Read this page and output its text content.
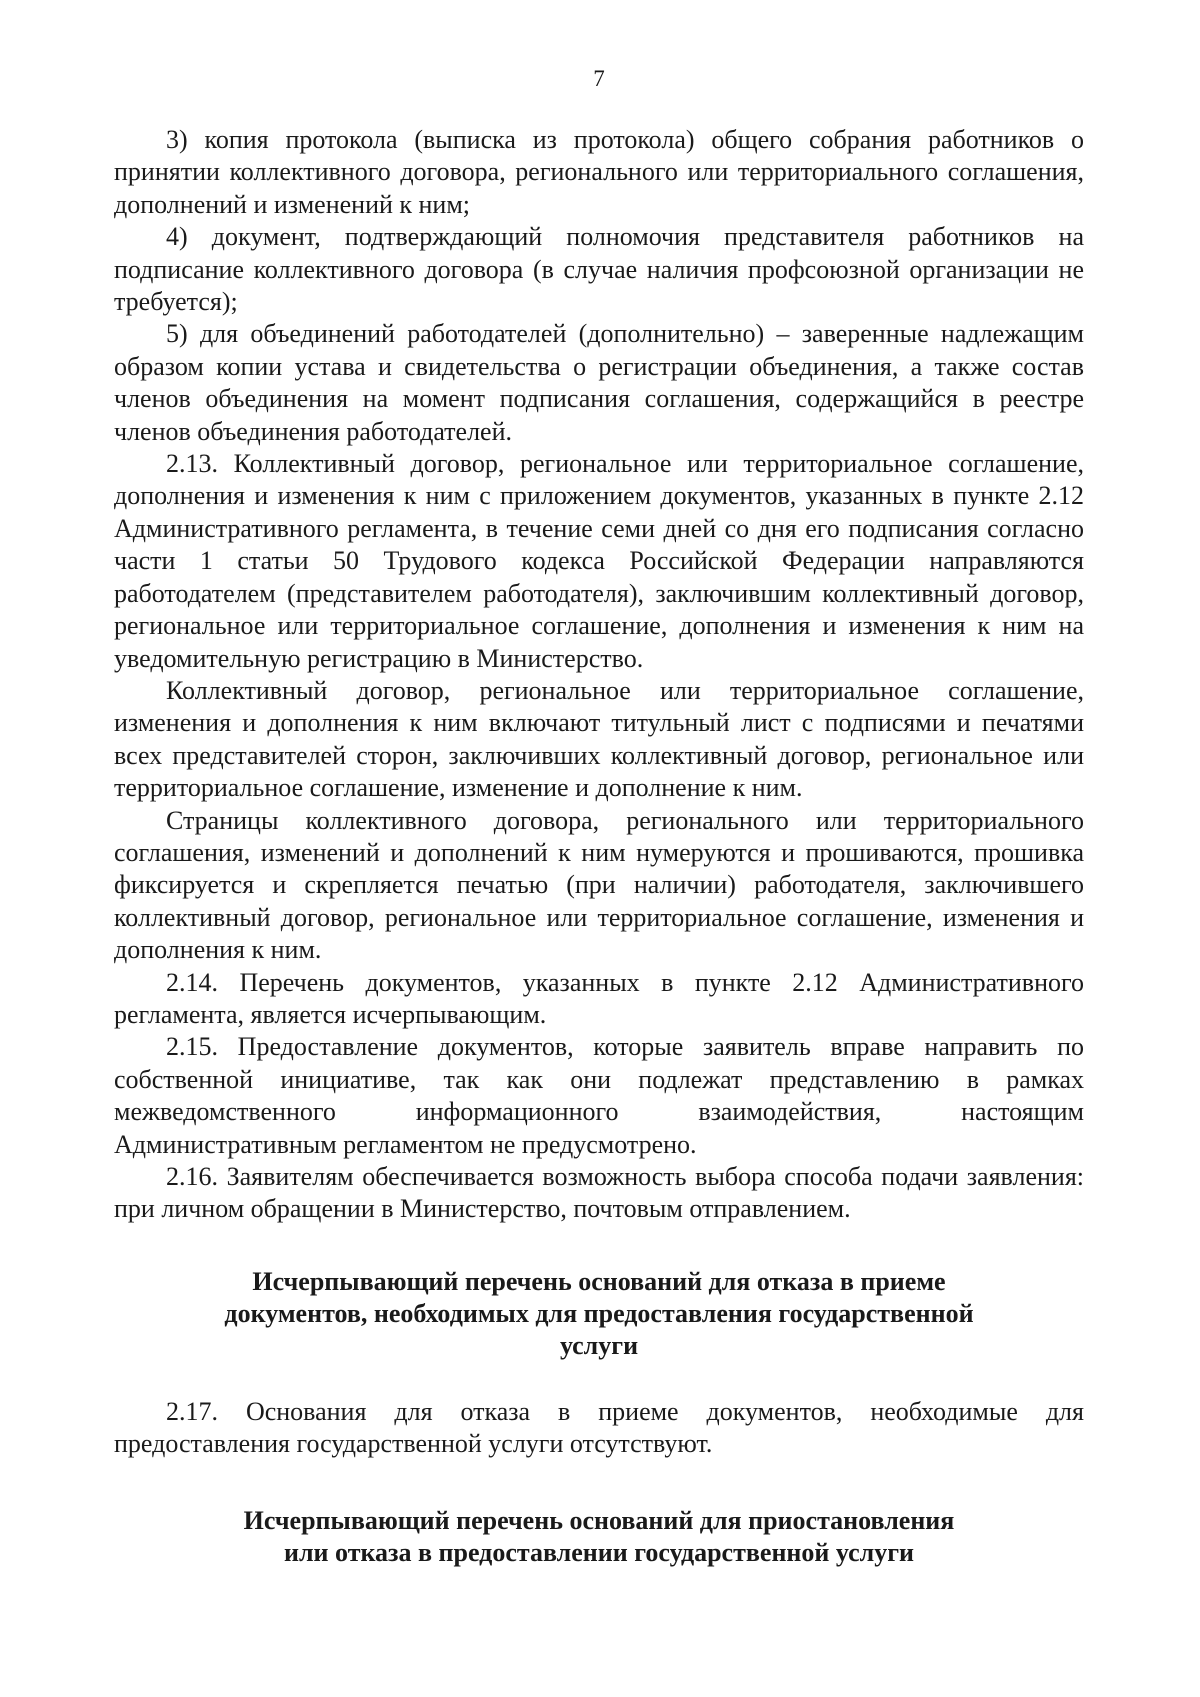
7

3) копия протокола (выписка из протокола) общего собрания работников о принятии коллективного договора, регионального или территориального соглашения, дополнений и изменений к ним;

4) документ, подтверждающий полномочия представителя работников на подписание коллективного договора (в случае наличия профсоюзной организации не требуется);

5) для объединений работодателей (дополнительно) – заверенные надлежащим образом копии устава и свидетельства о регистрации объединения, а также состав членов объединения на момент подписания соглашения, содержащийся в реестре членов объединения работодателей.

2.13. Коллективный договор, региональное или территориальное соглашение, дополнения и изменения к ним с приложением документов, указанных в пункте 2.12 Административного регламента, в течение семи дней со дня его подписания согласно части 1 статьи 50 Трудового кодекса Российской Федерации направляются работодателем (представителем работодателя), заключившим коллективный договор, региональное или территориальное соглашение, дополнения и изменения к ним на уведомительную регистрацию в Министерство.

Коллективный договор, региональное или территориальное соглашение, изменения и дополнения к ним включают титульный лист с подписями и печатями всех представителей сторон, заключивших коллективный договор, региональное или территориальное соглашение, изменение и дополнение к ним.

Страницы коллективного договора, регионального или территориального соглашения, изменений и дополнений к ним нумеруются и прошиваются, прошивка фиксируется и скрепляется печатью (при наличии) работодателя, заключившего коллективный договор, региональное или территориальное соглашение, изменения и дополнения к ним.

2.14. Перечень документов, указанных в пункте 2.12 Административного регламента, является исчерпывающим.

2.15. Предоставление документов, которые заявитель вправе направить по собственной инициативе, так как они подлежат представлению в рамках межведомственного информационного взаимодействия, настоящим Административным регламентом не предусмотрено.

2.16. Заявителям обеспечивается возможность выбора способа подачи заявления: при личном обращении в Министерство, почтовым отправлением.

Исчерпывающий перечень оснований для отказа в приеме
документов, необходимых для предоставления государственной
услуги

2.17. Основания для отказа в приеме документов, необходимые для предоставления государственной услуги отсутствуют.

Исчерпывающий перечень оснований для приостановления
или отказа в предоставлении государственной услуги
